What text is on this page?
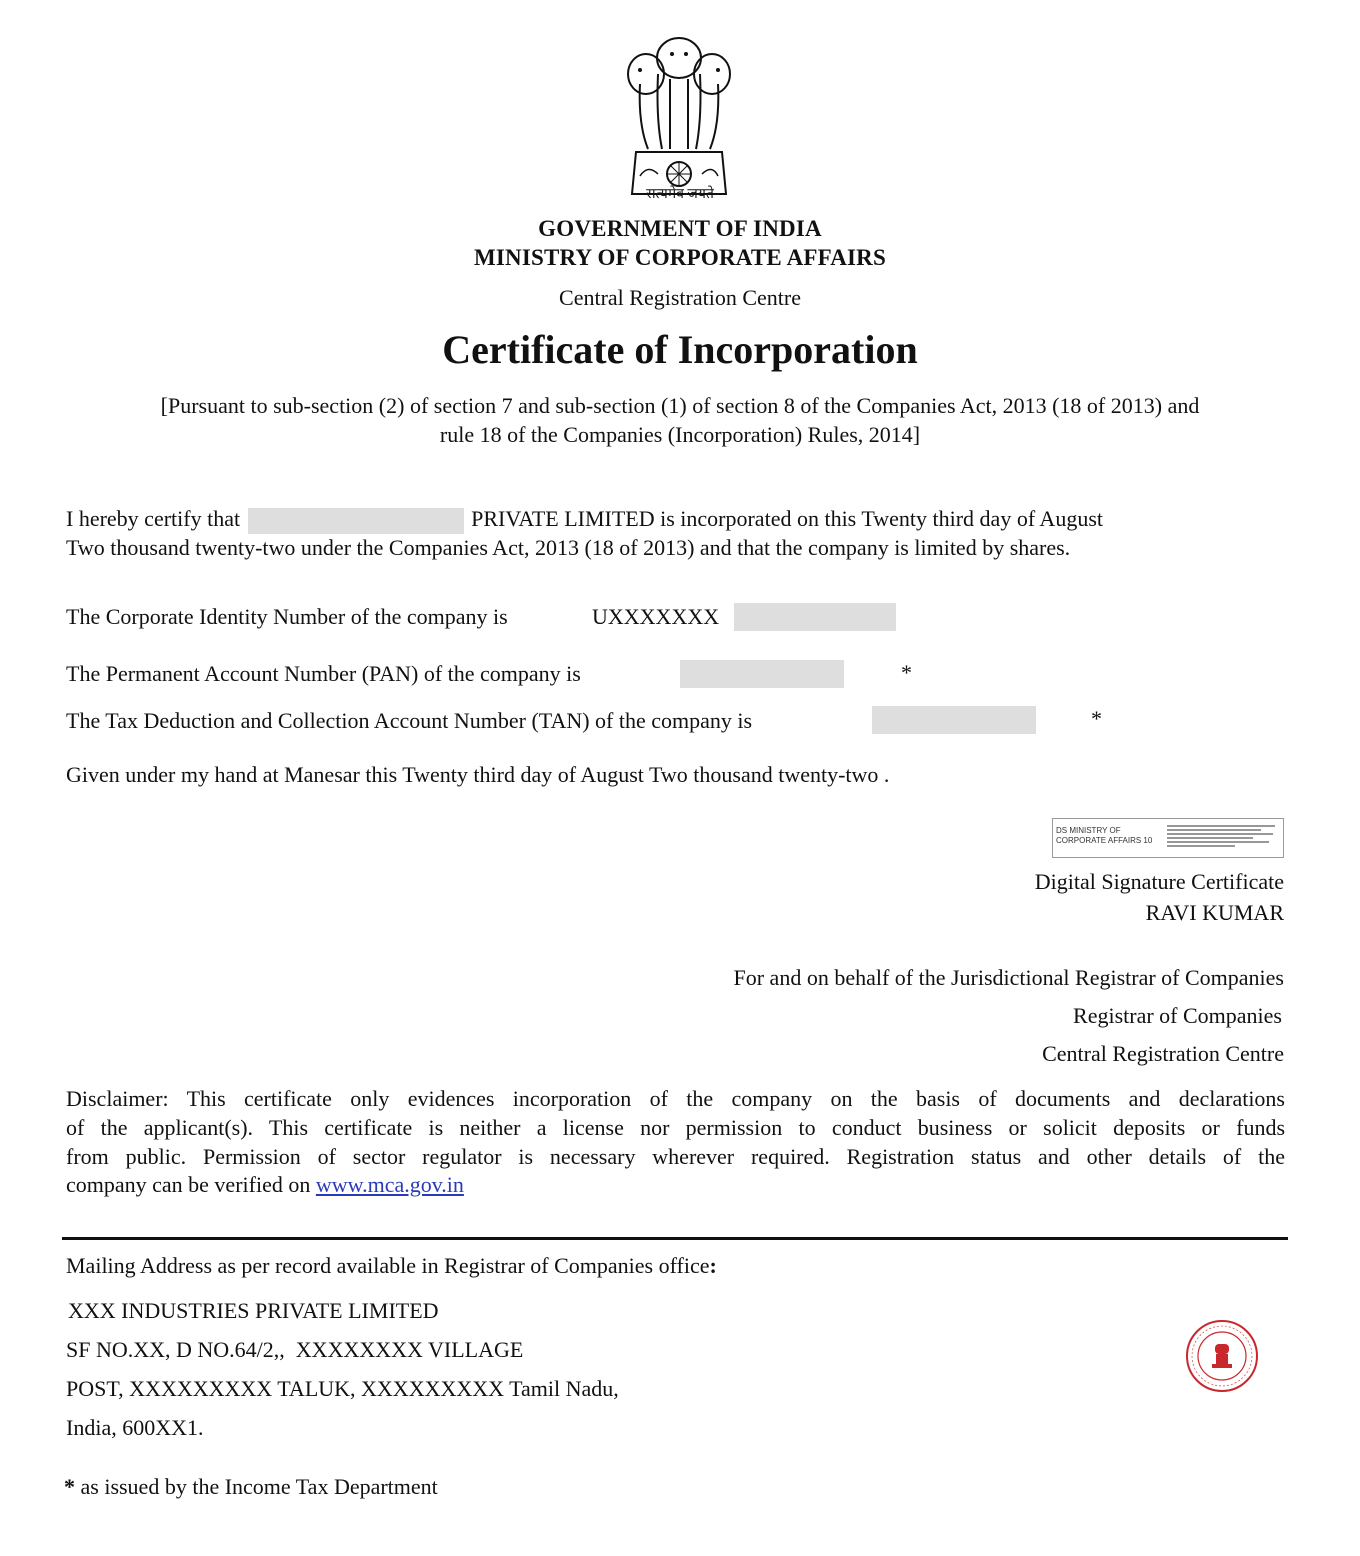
सत्यमेव जयते
GOVERNMENT OF INDIA
MINISTRY OF CORPORATE AFFAIRS
Central Registration Centre
Certificate of Incorporation
[Pursuant to sub-section (2) of section 7 and sub-section (1) of section 8 of the Companies Act, 2013 (18 of 2013) and
rule 18 of the Companies (Incorporation) Rules, 2014]
I hereby certify that	PRIVATE LIMITED is incorporated on this Twenty third day of August
Two thousand twenty-two under the Companies Act, 2013 (18 of 2013) and that the company is limited by shares.
The Corporate Identity Number of the company is	UXXXXXXX
The Permanent Account Number (PAN) of the company is	*
The Tax Deduction and Collection Account Number (TAN) of the company is	*
Given under my hand at Manesar this Twenty third day of August Two thousand twenty-two .
DS MINISTRY OF
CORPORATE AFFAIRS 10
Digital Signature Certificate
RAVI KUMAR
For and on behalf of the Jurisdictional Registrar of Companies
Registrar of Companies
Central Registration Centre
Disclaimer: This certificate only evidences incorporation of the company on the basis of documents and declarations
of the applicant(s). This certificate is neither a license nor permission to conduct business or solicit deposits or funds
from public. Permission of sector regulator is necessary wherever required. Registration status and other details of the
company can be verified on www.mca.gov.in
Mailing Address as per record available in Registrar of Companies office:
XXX INDUSTRIES PRIVATE LIMITED
SF NO.XX, D NO.64/2,,  XXXXXXXX VILLAGE
POST, XXXXXXXXX TALUK, XXXXXXXXX Tamil Nadu,
India, 600XX1.
* as issued by the Income Tax Department
